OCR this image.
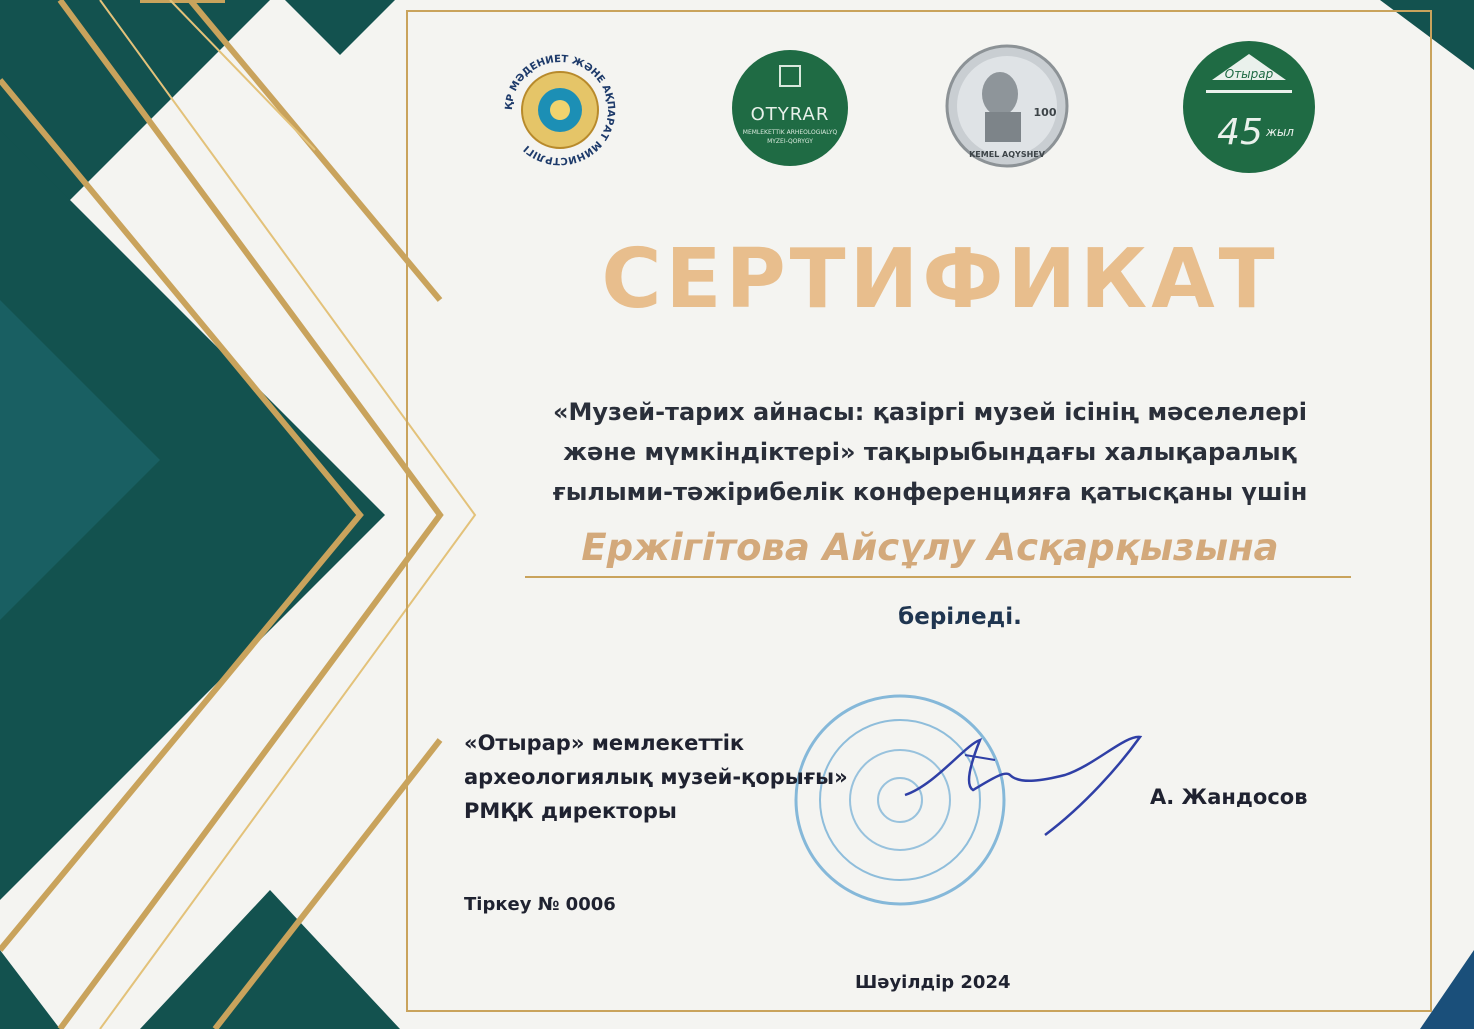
ҚР МӘДЕНИЕТ ЖӘНЕ АҚПАРАТ МИНИСТРЛІГІ
OTYRAR
MEMLEKETTIK ARHEOLOGIALYQ
MYZEI-QORYGY
100
KEMEL AQYSHEV
Отырар
45 жыл
СЕРТИФИКАТ
«Музей-тарих айнасы: қазіргі музей ісінің мәселелері
және мүмкіндіктері» тақырыбындағы халықаралық
ғылыми-тәжірибелік конференцияға қатысқаны үшін
Ержігітова Айсұлу Асқарқызына
беріледі.
«Отырар» мемлекеттік
археологиялық музей-қорығы»
РМҚК директоры
А. Жандосов
Тіркеу № 0006
Шәуілдір 2024
